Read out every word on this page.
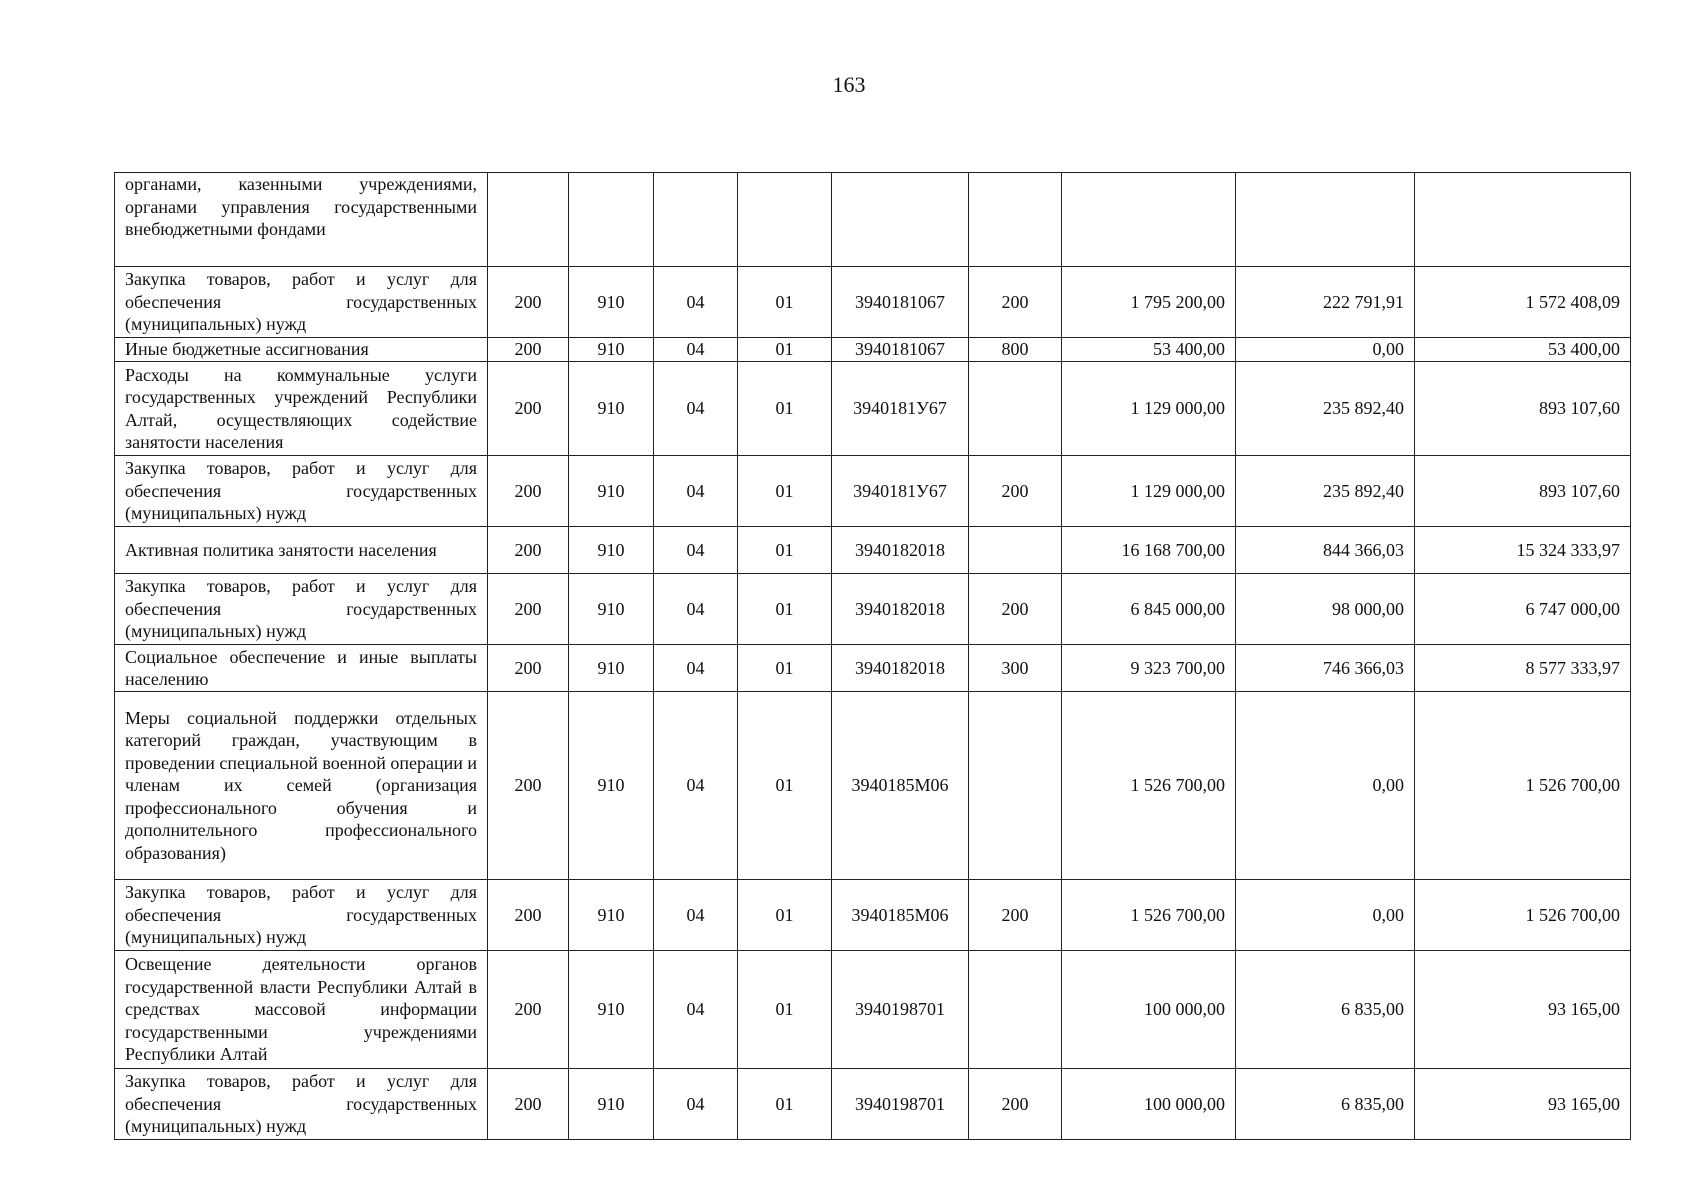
163
органами, казенными учреждениями, органами управления государственными внебюджетными фондами									
Закупка товаров, работ и услуг для обеспечения государственных (муниципальных) нужд	200	910	04	01	3940181067	200	1 795 200,00	222 791,91	1 572 408,09
Иные бюджетные ассигнования	200	910	04	01	3940181067	800	53 400,00	0,00	53 400,00
Расходы на коммунальные услуги государственных учреждений Республики Алтай, осуществляющих содействие занятости населения	200	910	04	01	3940181У67		1 129 000,00	235 892,40	893 107,60
Закупка товаров, работ и услуг для обеспечения государственных (муниципальных) нужд	200	910	04	01	3940181У67	200	1 129 000,00	235 892,40	893 107,60
Активная политика занятости населения	200	910	04	01	3940182018		16 168 700,00	844 366,03	15 324 333,97
Закупка товаров, работ и услуг для обеспечения государственных (муниципальных) нужд	200	910	04	01	3940182018	200	6 845 000,00	98 000,00	6 747 000,00
Социальное обеспечение и иные выплаты населению	200	910	04	01	3940182018	300	9 323 700,00	746 366,03	8 577 333,97
Меры социальной поддержки отдельных категорий граждан, участвующим в проведении специальной военной операции и членам их семей (организация профессионального обучения и дополнительного профессионального образования)	200	910	04	01	3940185М06		1 526 700,00	0,00	1 526 700,00
Закупка товаров, работ и услуг для обеспечения государственных (муниципальных) нужд	200	910	04	01	3940185М06	200	1 526 700,00	0,00	1 526 700,00
Освещение деятельности органов государственной власти Республики Алтай в средствах массовой информации государственными учреждениями Республики Алтай	200	910	04	01	3940198701		100 000,00	6 835,00	93 165,00
Закупка товаров, работ и услуг для обеспечения государственных (муниципальных) нужд	200	910	04	01	3940198701	200	100 000,00	6 835,00	93 165,00
